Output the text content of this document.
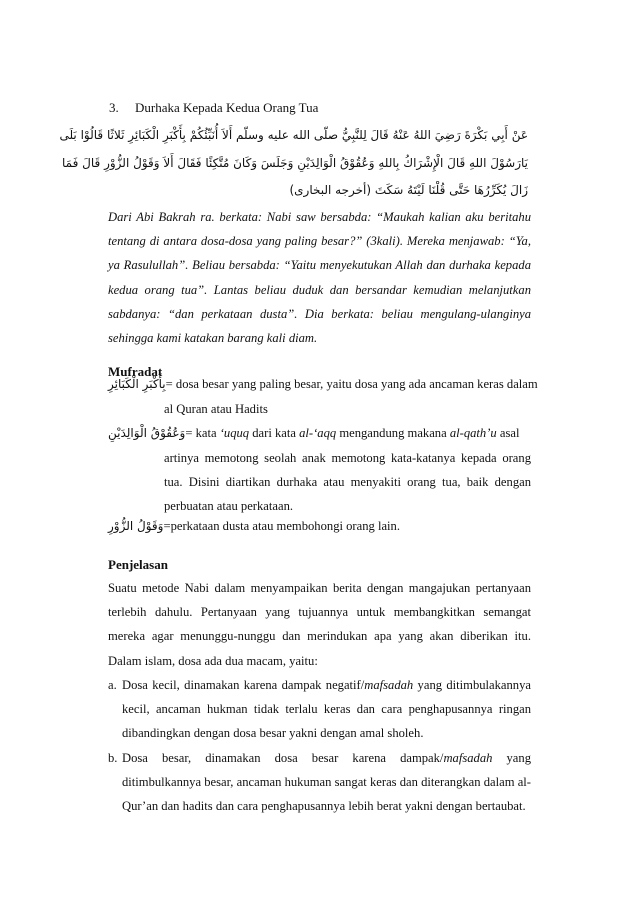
3. Durhaka Kepada Kedua Orang Tua
عَنْ أَبِي بَكْرَةَ رَضِيَ اللهُ عَنْهُ قَالَ لِلنَّبِيُّ صلّى الله عليه وسلّم أَلاَ أُنَبِّئُكُمْ بِأَكْبَرِ الْكَبَائِرِ ثَلاثًا قَالُوْا بَلَى
يَارَسُوْلَ اللهِ قَالَ الْإِشْرَاكُ بِاللهِ وَعُقُوْقُ الْوَالِدَيْنِ وَجَلَسَ وَكَانَ مُتَّكِئًا فَقَالَ أَلاَ وَقَوْلُ الزُّوْرِ قَالَ فَمَا
زَالَ يُكَرِّرُهَا حَتَّى قُلْنَا لَيْتَهُ سَكَتَ (أخرجه البخارى)
Dari Abi Bakrah ra. berkata: Nabi saw bersabda: “Maukah kalian aku beritahu tentang di antara dosa-dosa yang paling besar?” (3kali). Mereka menjawab: “Ya, ya Rasulullah”. Beliau bersabda: “Yaitu menyekutukan Allah dan durhaka kepada kedua orang tua”. Lantas beliau duduk dan bersandar kemudian melanjutkan sabdanya: “dan perkataan dusta”. Dia berkata: beliau mengulang-ulanginya sehingga kami katakan barang kali diam.
Mufradat
بِأَكْبَرِ الْكَبَائِرِ= dosa besar yang paling besar, yaitu dosa yang ada ancaman keras dalam
al Quran atau Hadits
وَعُقُوْقُ الْوَالِدَيْنِ= kata ‘uquq dari kata al-‘aqq mengandung makana al-qath’u asal
artinya memotong seolah anak memotong kata-katanya kepada orang tua. Disini diartikan durhaka atau menyakiti orang tua, baik dengan perbuatan atau perkataan.
وَقَوْلُ الزُّوْرِ=perkataan dusta atau membohongi orang lain.
Penjelasan
Suatu metode Nabi dalam menyampaikan berita dengan mangajukan pertanyaan terlebih dahulu. Pertanyaan yang tujuannya untuk membangkitkan semangat mereka agar menunggu-nunggu dan merindukan apa yang akan diberikan itu. Dalam islam, dosa ada dua macam, yaitu:
a. Dosa kecil, dinamakan karena dampak negatif/mafsadah yang ditimbulakannya kecil, ancaman hukman tidak terlalu keras dan cara penghapusannya ringan dibandingkan dengan dosa besar yakni dengan amal sholeh.
b. Dosa besar, dinamakan dosa besar karena dampak/mafsadah yang ditimbulkannya besar, ancaman hukuman sangat keras dan diterangkan dalam al-Qur’an dan hadits dan cara penghapusannya lebih berat yakni dengan bertaubat.
